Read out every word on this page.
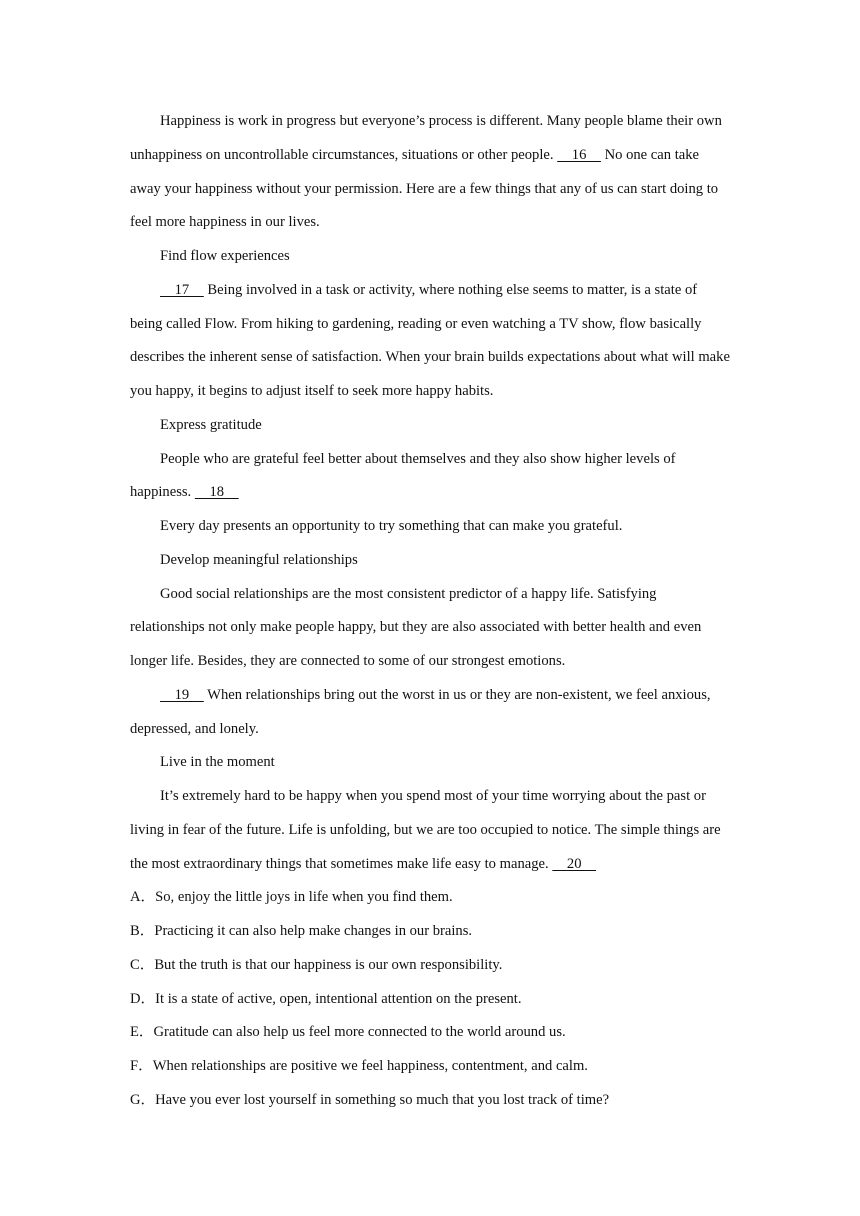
Happiness is work in progress but everyone’s process is different. Many people blame their own unhappiness on uncontrollable circumstances, situations or other people.     16     No one can take away your happiness without your permission. Here are a few things that any of us can start doing to feel more happiness in our lives.

Find flow experiences

17     Being involved in a task or activity, where nothing else seems to matter, is a state of being called Flow. From hiking to gardening, reading or even watching a TV show, flow basically describes the inherent sense of satisfaction. When your brain builds expectations about what will make you happy, it begins to adjust itself to seek more happy habits.

Express gratitude

People who are grateful feel better about themselves and they also show higher levels of happiness.     18

Every day presents an opportunity to try something that can make you grateful.

Develop meaningful relationships

Good social relationships are the most consistent predictor of a happy life. Satisfying relationships not only make people happy, but they are also associated with better health and even longer life. Besides, they are connected to some of our strongest emotions.

19     When relationships bring out the worst in us or they are non-existent, we feel anxious, depressed, and lonely.

Live in the moment

It’s extremely hard to be happy when you spend most of your time worrying about the past or living in fear of the future. Life is unfolding, but we are too occupied to notice. The simple things are the most extraordinary things that sometimes make life easy to manage.     20

A．So, enjoy the little joys in life when you find them.

B．Practicing it can also help make changes in our brains.

C．But the truth is that our happiness is our own responsibility.

D．It is a state of active, open, intentional attention on the present.

E．Gratitude can also help us feel more connected to the world around us.

F．When relationships are positive we feel happiness, contentment, and calm.

G．Have you ever lost yourself in something so much that you lost track of time?
